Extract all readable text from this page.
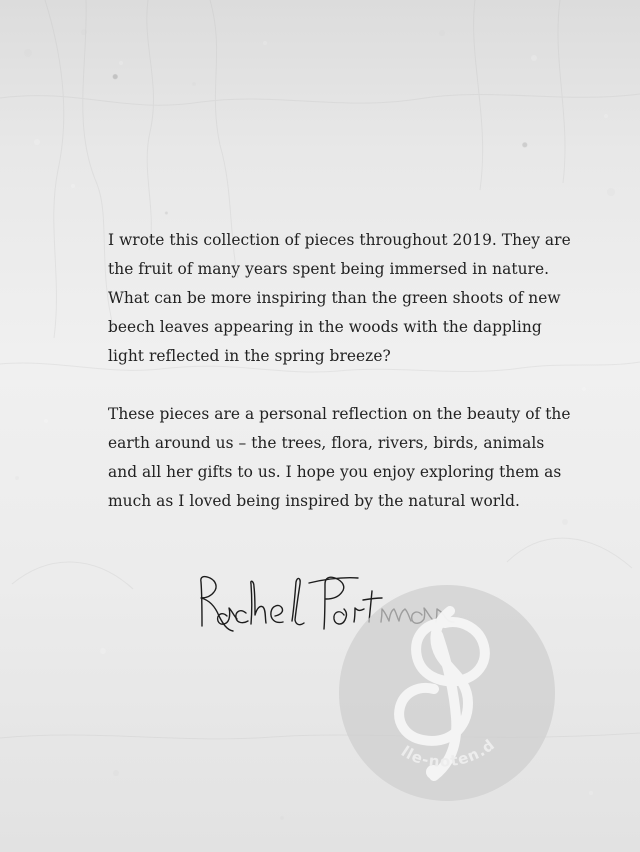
I wrote this collection of pieces throughout 2019. They are
the fruit of many years spent being immersed in nature.
What can be more inspiring than the green shoots of new
beech leaves appearing in the woods with the dappling
light reflected in the spring breeze?
These pieces are a personal reflection on the beauty of the
earth around us – the trees, flora, rivers, birds, animals
and all her gifts to us. I hope you enjoy exploring them as
much as I loved being inspired by the natural world.
lle-noten.d
